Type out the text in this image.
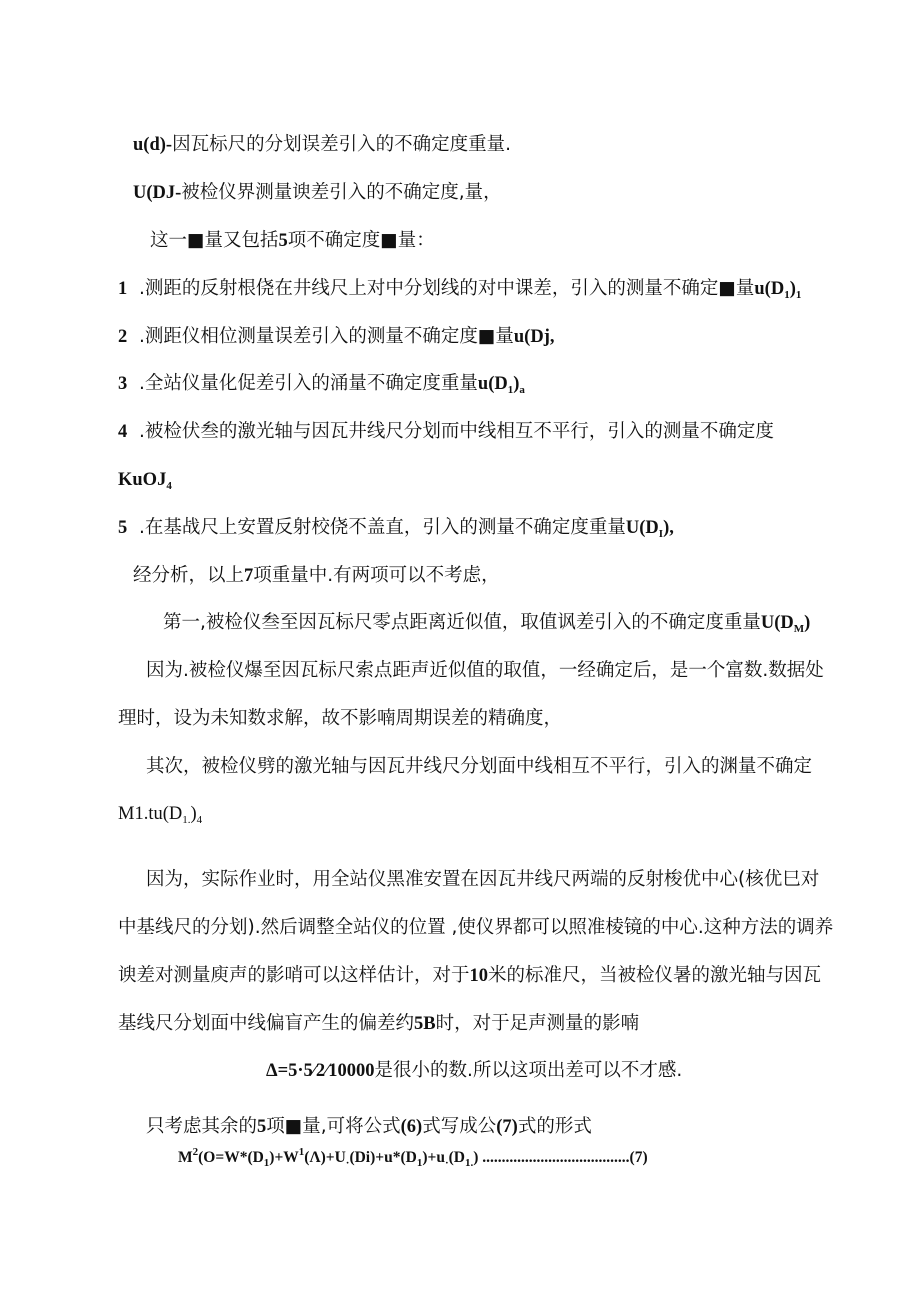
u(d)-因瓦标尺的分划误差引入的不确定度重量.
U(DJ-被检仪界测量谀差引入的不确定度,量，
这一■量又包括5项不确定度■量：
1 .测距的反射根侥在井线尺上对中分划线的对中课差，引入的测量不确定■量$u(D_1)_1$
2 .测距仪相位测量误差引入的测量不确定度■量u(Dj,
3 .全站仪量化促差引入的涌量不确定度重量$u(D_1)_a$
4 .被检伏叁的激光轴与因瓦井线尺分划而中线相互不平行，引入的测量不确定度
KuOJ$_4$
5 .在基战尺上安置反射校侥不盖直，引入的测量不确定度重量$U(D_I)$,
经分析，以上7项重量中.有两项可以不考虑，
第一,被检仪叁至因瓦标尺零点距离近似值，取值讽差引入的不确定度重量$U(D_M)$
因为.被检仪爆至因瓦标尺索点距声近似值的取值，一经确定后，是一个富数.数据处
理时，设为未知数求解，故不影喃周期误差的精确度，
其次，被检仪劈的激光轴与因瓦井线尺分划面中线相互不平行，引入的渊量不确定
$M1.tu(D_{1.})_4$
因为，实际作业时，用全站仪黑准安置在因瓦井线尺两端的反射梭优中心(核优巳对
中基线尺的分划).然后调整全站仪的位置 ,使仪界都可以照准棱镜的中心.这种方法的调养
谀差对测量庾声的影哨可以这样估计，对于10米的标准尺，当被检仪暑的激光轴与因瓦
基线尺分划面中线偏盲产生的偏差约5B时，对于足声测量的影喃
Δ=5·5⁄2⁄10000是很小的数.所以这项出差可以不才感.
只考虑其余的5项■量,可将公式(6)式写成公(7)式的形式
$M^2(O=W*(D_1)+W^1(\Lambda)+U_\cdot(Di)+u*(D_1)+u_\cdot(D_{1.})$ ......................................(7)
